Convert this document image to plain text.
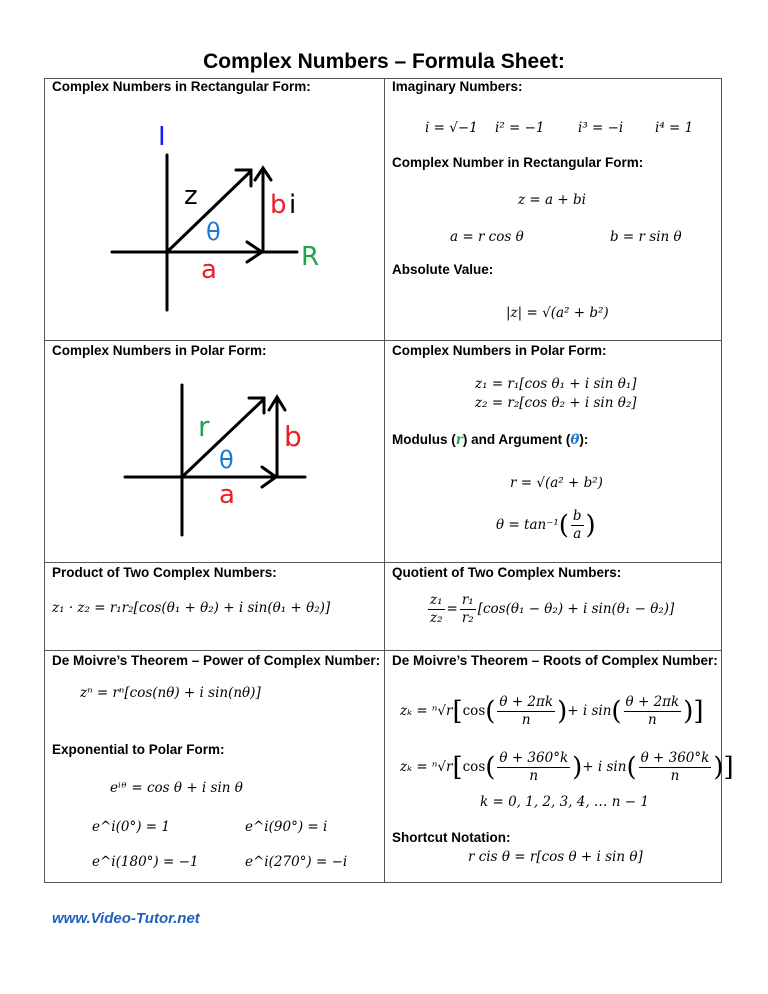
Complex Numbers – Formula Sheet:
Complex Numbers in Rectangular Form:
I
z
θ
b i
R
a
r
θ
b
a
Imaginary Numbers:
i = √−1 i² = −1 i³ = −i i⁴ = 1
Complex Number in Rectangular Form:
z = a + bi
a = r cos θ	b = r sin θ
Absolute Value:
|z| = √(a² + b²)
Complex Numbers in Polar Form:	Complex Numbers in Polar Form:
z₁ = r₁[cos θ₁ + i sin θ₁]
z₂ = r₂[cos θ₂ + i sin θ₂]
Modulus (r) and Argument (θ):
r = √(a² + b²)
$\theta = \tan^{-1}( \frac{b}{a}$ )
Product of Two Complex Numbers:
z₁ · z₂ = r₁r₂[cos(θ₁ + θ₂) + i sin(θ₁ + θ₂)]
Quotient of Two Complex Numbers:
$\frac{\text{z₁}}{\text{z₂}} = \frac{\text{r₁}}{\text{r₂}} [\cos(\theta_1 - \theta_2) + i$ sin(θ₁ − θ₂)]
De Moivre’s Theorem – Power of Complex Number:
zⁿ = rⁿ[cos(nθ) + i sin(nθ)]
Exponential to Polar Form:
eⁱᶿ = cos θ + i sin θ
e^i(0°) = 1	e^i(90°) = i
e^i(180°) = −1	e^i(270°) = −i
De Moivre’s Theorem – Roots of Complex Number:
$z_k = ^n√r[\cos( \frac{\theta + 2\pi k}{n}$ )+ i $\sin( \frac{\theta + 2\pi k}{n}$ )]
$z_k = ^n√r[\cos( \frac{\theta + 360^\circ k}{n}$ )+ i $\sin( \frac{\theta + 360^\circ k}{n}$ )]
k = 0, 1, 2, 3, 4, … n − 1
Shortcut Notation:
r cis θ = r[cos θ + i sin θ]
www.Video-Tutor.net
